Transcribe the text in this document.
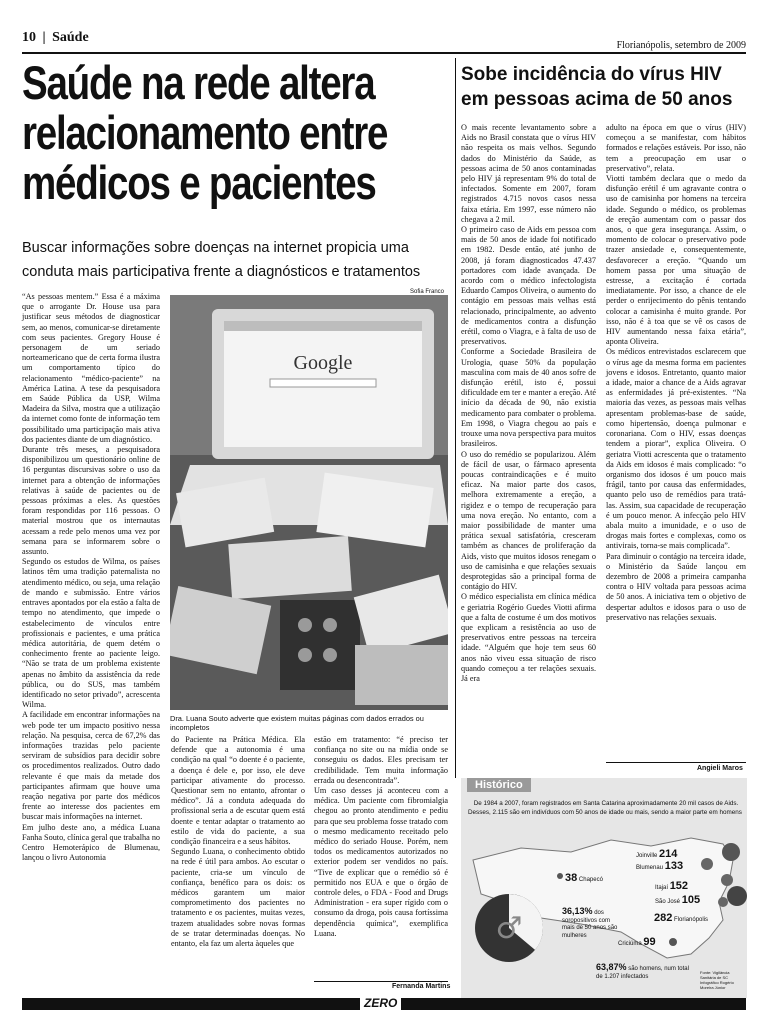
10 | Saúde
Florianópolis, setembro de 2009
Saúde na rede altera relacionamento entre médicos e pacientes
Buscar informações sobre doenças na internet propicia uma conduta mais participativa frente a diagnósticos e tratamentos
Sofia Franco
“As pessoas mentem.” Essa é a máxima que o arrogante Dr. House usa para justificar seus métodos de diagnosticar sem, ao menos, comunicar-se diretamente com seus pacientes. Gregory House é personagem de um seriado norteamericano que de certa forma ilustra um comportamento típico do relacionamento “médico-paciente” na América Latina. A tese da pesquisadora em Saúde Pública da USP, Wilma Madeira da Silva, mostra que a utilização da internet como fonte de informação tem possibilitado uma participação mais ativa dos pacientes diante de um diagnóstico.
Durante três meses, a pesquisadora disponibilizou um questionário online de 16 perguntas discursivas sobre o uso da internet para a obtenção de informações relativas à saúde de pacientes ou de pessoas próximas a eles. As questões foram respondidas por 116 pessoas. O material mostrou que os internautas acessam a rede pelo menos uma vez por semana para se informarem sobre o assunto.
Segundo os estudos de Wilma, os países latinos têm uma tradição paternalista no atendimento médico, ou seja, uma relação de mando e submissão. Entre vários entraves apontados por ela estão a falta de tempo no atendimento, que impede o estabelecimento de vínculos entre profissionais e pacientes, e uma prática médica autoritária, de quem detém o conhecimento frente ao paciente leigo. “Não se trata de um problema existente apenas no âmbito da assistência da rede pública, ou do SUS, mas também identificado no setor privado”, acrescenta Wilma.
A facilidade em encontrar informações na web pode ter um impacto positivo nessa relação. Na pesquisa, cerca de 67,2% das informações trazidas pelo paciente serviram de subsídios para decidir sobre os procedimentos realizados. Outro dado relevante é que mais da metade dos participantes afirmam que houve uma reação negativa por parte dos médicos frente ao interesse dos pacientes em buscar mais informações na internet.
Em julho deste ano, a médica Luana Fanha Souto, clínica geral que trabalha no Centro Hemoterápico de Blumenau, lançou o livro Autonomia
Google
Dra. Luana Souto adverte que existem muitas páginas com dados errados ou incompletos
do Paciente na Prática Médica. Ela defende que a autonomia é uma condição na qual “o doente é o paciente, a doença é dele e, por isso, ele deve participar ativamente do processo. Questionar sem no entanto, afrontar o médico”. Já a conduta adequada do profissional seria a de escutar quem está doente e tentar adaptar o tratamento ao estilo de vida do paciente, a sua condição financeira e a seus hábitos.
Segundo Luana, o conhecimento obtido na rede é útil para ambos. Ao escutar o paciente, cria-se um vínculo de confiança, benéfico para os dois: os médicos garantem um maior comprometimento dos pacientes no tratamento e os pacientes, muitas vezes, trazem atualidades sobre novas formas de se tratar determinadas doenças. No entanto, ela faz um alerta àqueles que
estão em tratamento: “é preciso ter confiança no site ou na mídia onde se conseguiu os dados. Eles precisam ter credibilidade. Tem muita informação errada ou desencontrada”.
Um caso desses já aconteceu com a médica. Um paciente com fibromialgia chegou ao pronto atendimento e pediu para que seu problema fosse tratado com o mesmo medicamento receitado pelo médico do seriado House. Porém, nem todos os medicamentos autorizados no exterior podem ser vendidos no país. “Tive de explicar que o remédio só é permitido nos EUA e que o órgão de controle deles, o FDA - Food and Drugs Administration - era super rígido com o consumo da droga, pois causa fortíssima dependência química”, exemplifica Luana.
Fernanda Martins
Sobe incidência do vírus HIV em pessoas acima de 50 anos
O mais recente levantamento sobre a Aids no Brasil constata que o vírus HIV não respeita os mais velhos. Segundo dados do Ministério da Saúde, as pessoas acima de 50 anos contaminadas pelo HIV já representam 9% do total de infectados. Somente em 2007, foram registrados 4.715 novos casos nessa faixa etária. Em 1997, esse número não chegava a 2 mil.
O primeiro caso de Aids em pessoa com mais de 50 anos de idade foi notificado em 1982. Desde então, até junho de 2008, já foram diagnosticados 47.437 portadores com idade avançada. De acordo com o médico infectologista Eduardo Campos Oliveira, o aumento do contágio em pessoas mais velhas está relacionado, principalmente, ao advento de medicamentos contra a disfunção erétil, como o Viagra, e à falta de uso de preservativos.
Conforme a Sociedade Brasileira de Urologia, quase 50% da população masculina com mais de 40 anos sofre de disfunção erétil, isto é, possui dificuldade em ter e manter a ereção. Até início da década de 90, não existia medicamento para combater o problema. Em 1998, o Viagra chegou ao país e trouxe uma nova perspectiva para muitos brasileiros.
O uso do remédio se popularizou. Além de fácil de usar, o fármaco apresenta poucas contraindicações e é muito eficaz. Na maior parte dos casos, melhora extremamente a ereção, a rigidez e o tempo de recuperação para uma nova ereção. No entanto, com a maior possibilidade de manter uma prática sexual satisfatória, cresceram também as chances de proliferação da Aids, visto que muitos idosos renegam o uso de camisinha e que relações sexuais desprotegidas são a principal forma de contágio do HIV.
O médico especialista em clínica médica e geriatria Rogério Guedes Viotti afirma que a falta de costume é um dos motivos que explicam a resistência ao uso de preservativos entre pessoas na terceira idade. “Alguém que hoje tem seus 60 anos não viveu essa situação de risco quando começou a ter relações sexuais. Já era
adulto na época em que o vírus (HIV) começou a se manifestar, com hábitos formados e relações estáveis. Por isso, não tem a preocupação em usar o preservativo”, relata.
Viotti também declara que o medo da disfunção erétil é um agravante contra o uso de camisinha por homens na terceira idade. Segundo o médico, os problemas de ereção aumentam com o passar dos anos, o que gera insegurança. Assim, o momento de colocar o preservativo pode trazer ansiedade e, consequentemente, desfavorecer a ereção. “Quando um homem passa por uma situação de estresse, a excitação é cortada imediatamente. Por isso, a chance de ele perder o enrijecimento do pênis tentando colocar a camisinha é muito grande. Por isso, não é à toa que se vê os casos de HIV aumentando nessa faixa etária”, aponta Oliveira.
Os médicos entrevistados esclarecem que o vírus age da mesma forma em pacientes jovens e idosos. Entretanto, quanto maior a idade, maior a chance de a Aids agravar as enfermidades já pré-existentes. “Na maioria das vezes, as pessoas mais velhas apresentam problemas-base de saúde, como hipertensão, doença pulmonar e coronariana. Com o HIV, essas doenças tendem a piorar”, explica Oliveira. O geriatra Viotti acrescenta que o tratamento da Aids em idosos é mais complicado: “o organismo dos idosos é um pouco mais frágil, tanto por causa das enfermidades, quanto pelo uso de remédios para tratá-las. Assim, sua capacidade de recuperação é um pouco menor. A infecção pelo HIV abala muito a imunidade, e o uso de drogas mais fortes e complexas, como os antivirais, torna-se mais complicada”.
Para diminuir o contágio na terceira idade, o Ministério da Saúde lançou em dezembro de 2008 a primeira campanha contra o HIV voltada para pessoas acima de 50 anos. A iniciativa tem o objetivo de despertar adultos e idosos para o uso de preservativo nas relações sexuais.
Angieli Maros
Histórico
De 1984 a 2007, foram registrados em Santa Catarina aproximadamente 20 mil casos de Aids.
Desses, 2.115 são em indivíduos com 50 anos de idade ou mais, sendo a maior parte em homens
♂
Joinville 214
Blumenau 133
Itajaí 152
São José 105
38 Chapecó
282 Florianópolis
Criciúma 99
36,13% dos soropositivos com mais de 50 anos são mulheres
63,87% são homens, num total de 1.207 infectados
Fonte: Vigilância Sanitária de SC
Infográfico Rogério Moreira Júnior
ZERO
